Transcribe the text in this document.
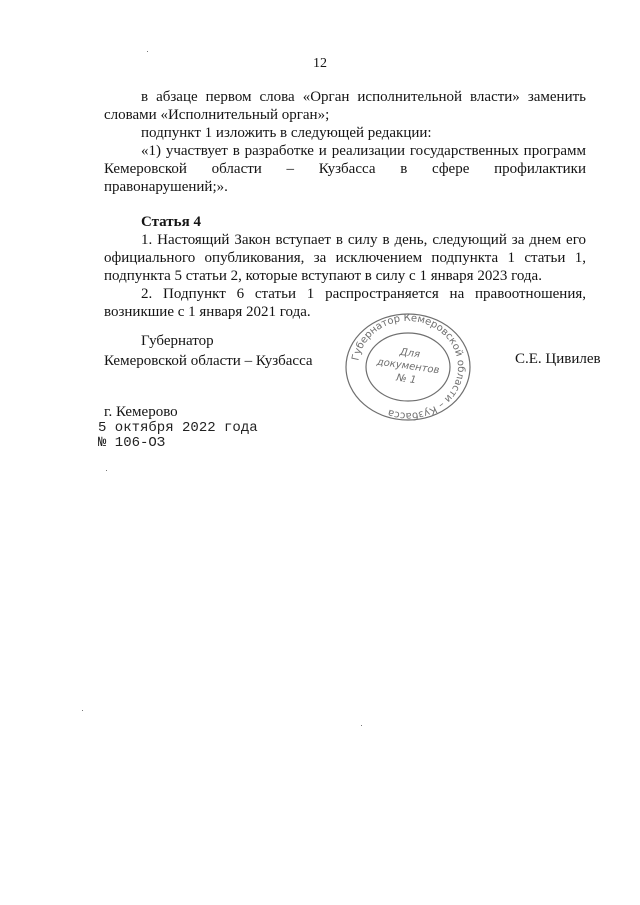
12

в абзаце первом слова «Орган исполнительной власти» заменить словами «Исполнительный орган»;

подпункт 1 изложить в следующей редакции:

«1) участвует в разработке и реализации государственных программ Кемеровской области – Кузбасса в сфере профилактики правонарушений;».

Статья 4

1. Настоящий Закон вступает в силу в день, следующий за днем его официального опубликования, за исключением подпункта 1 статьи 1, подпункта 5 статьи 2, которые вступают в силу с 1 января 2023 года.

2. Подпункт 6 статьи 1 распространяется на правоотношения, возникшие с 1 января 2021 года.

Губернатор
Кемеровской области – Кузбасса	С.Е. Цивилев
Губернатор Кемеровской области – Кузбасса
Для
документов
№ 1
г. Кемерово
5 октября 2022 года
№ 106-ОЗ
